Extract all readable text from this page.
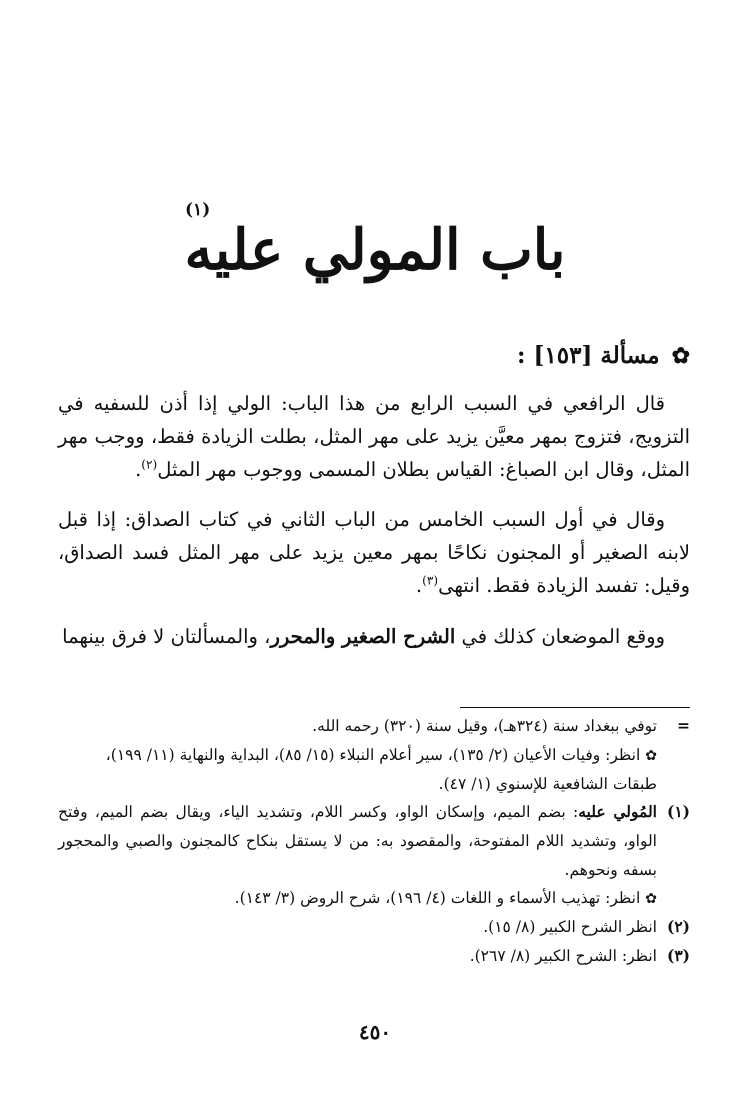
(١)
باب المولي عليه
✿مسألة [١٥٣] :

قال الرافعي في السبب الرابع من هذا الباب: الولي إذا أذن للسفيه في التزويج، فتزوج بمهر معيَّن يزيد على مهر المثل، بطلت الزيادة فقط، ووجب مهر المثل، وقال ابن الصباغ: القياس بطلان المسمى ووجوب مهر المثل$^{(٢)}$.

وقال في أول السبب الخامس من الباب الثاني في كتاب الصداق: إذا قبل لابنه الصغير أو المجنون نكاحًا بمهر معين يزيد على مهر المثل فسد الصداق، وقيل: تفسد الزيادة فقط. انتهى$^{(٣)}$.

ووقع الموضعان كذلك في الشرح الصغير والمحرر، والمسألتان لا فرق بينهما

=
توفي ببغداد سنة (٣٢٤هـ)، وقيل سنة (٣٢٠) رحمه الله.
✿انظر: وفيات الأعيان (٢/ ١٣٥)، سير أعلام النبلاء (١٥/ ٨٥)، البداية والنهاية (١١/ ١٩٩)، طبقات الشافعية للإسنوي (١/ ٤٧).
(١)
المُولي عليه: بضم الميم، وإسكان الواو، وكسر اللام، وتشديد الياء، ويقال بضم الميم، وفتح الواو، وتشديد اللام المفتوحة، والمقصود به: من لا يستقل بنكاح كالمجنون والصبي والمحجور بسفه ونحوهم.
✿انظر: تهذيب الأسماء و اللغات (٤/ ١٩٦)، شرح الروض (٣/ ١٤٣).
(٢)
انظر الشرح الكبير (٨/ ١٥).
(٣)
انظر: الشرح الكبير (٨/ ٢٦٧).
٤٥٠
